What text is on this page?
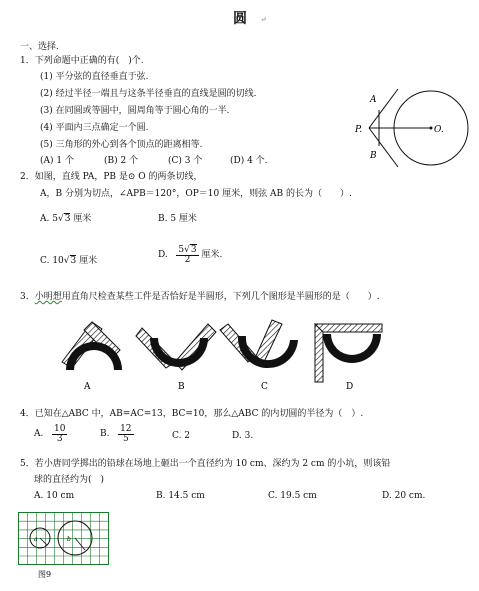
圆 ↵
一、选择.
1．下列命题中正确的有(　)个.
(1) 平分弦的直径垂直于弦.
(2) 经过半径一端且与这条半径垂直的直线是圆的切线.
(3) 在同圆或等圆中，圆周角等于圆心角的一半.
(4) 平面内三点确定一个圆.
(5) 三角形的外心到各个顶点的距离相等.
(A) 1 个	(B) 2 个	(C) 3 个	(D) 4 个.
A
B
P.	O.
2．如图，直线 PA，PB 是⊙ O 的两条切线，
A，B 分别为切点，∠APB＝120°，OP＝10 厘米，则弦 AB 的长为（　　）.
A. 5√3 厘米	B. 5 厘米
C. 10√3 厘米
D. $\frac{5√3}{2}$ 厘米.
3．小明想用直角尺检查某些工件是否恰好是半圆形，下列几个图形是半圆形的是（　　）.
A	B	C	D
4．已知在△ABC 中，AB=AC=13，BC=10，那么△ABC 的内切圆的半径为（　）.
A. $\frac{10}{3}$	B. $\frac{12}{5}$	C. 2	D. 3.
5．若小唐同学掷出的铅球在场地上砸出一个直径约为 10 cm、深约为 2 cm 的小坑，则该铅
球的直径约为(　)
A. 10 cm	B. 14.5 cm	C. 19.5 cm	D. 20 cm.
a	b
图9
